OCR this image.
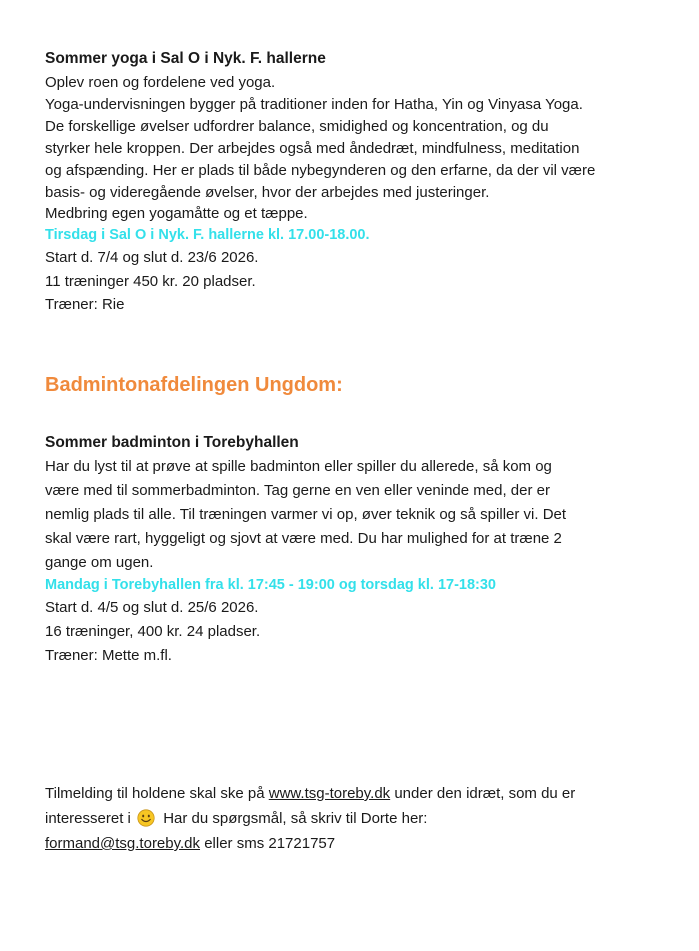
Sommer yoga i Sal O i Nyk. F. hallerne
Oplev roen og fordelene ved yoga.
Yoga-undervisningen bygger på traditioner inden for Hatha, Yin og Vinyasa Yoga.
De forskellige øvelser udfordrer balance, smidighed og koncentration, og du
styrker hele kroppen. Der arbejdes også med åndedræt, mindfulness, meditation
og afspænding. Her er plads til både nybegynderen og den erfarne, da der vil være
basis- og videregående øvelser, hvor der arbejdes med justeringer.
Medbring egen yogamåtte og et tæppe.
Tirsdag i Sal O i Nyk. F. hallerne kl. 17.00-18.00.
Start d. 7/4 og slut d. 23/6 2026.
11 træninger 450 kr. 20 pladser.
Træner: Rie
Badmintonafdelingen Ungdom:
Sommer badminton i Torebyhallen
Har du lyst til at prøve at spille badminton eller spiller du allerede, så kom og
være med til sommerbadminton. Tag gerne en ven eller veninde med, der er
nemlig plads til alle. Til træningen varmer vi op, øver teknik og så spiller vi. Det
skal være rart, hyggeligt og sjovt at være med. Du har mulighed for at træne 2
gange om ugen.
Mandag i Torebyhallen fra kl. 17:45 - 19:00 og torsdag kl. 17-18:30
Start d. 4/5 og slut d. 25/6 2026.
16 træninger, 400 kr. 24 pladser.
Træner: Mette m.fl.
Tilmelding til holdene skal ske på www.tsg-toreby.dk under den idræt, som du er
interesseret i Har du spørgsmål, så skriv til Dorte her:
formand@tsg.toreby.dk eller sms 21721757
